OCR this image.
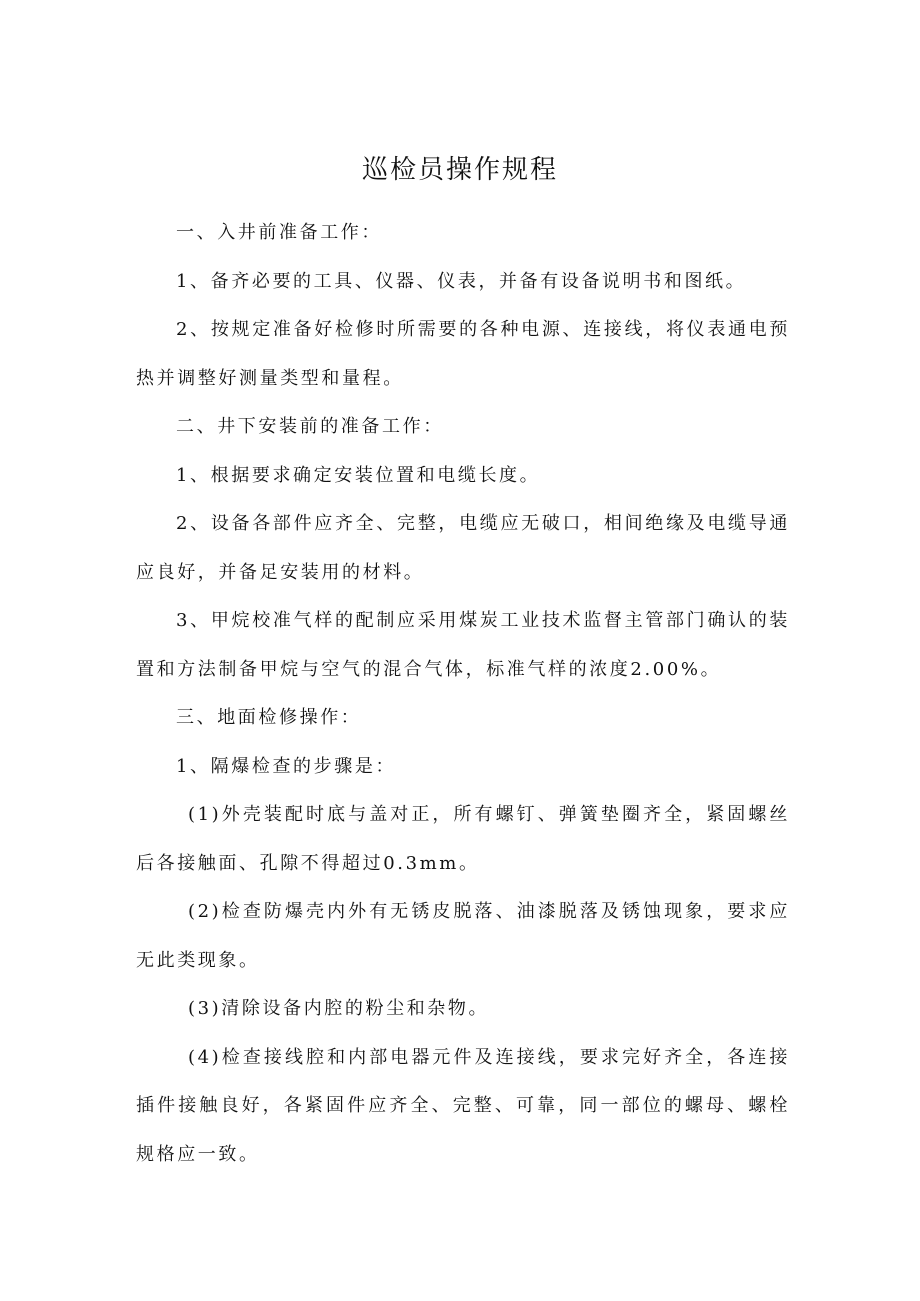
巡检员操作规程

一、入井前准备工作：

1、备齐必要的工具、仪器、仪表，并备有设备说明书和图纸。

2、按规定准备好检修时所需要的各种电源、连接线，将仪表通电预热并调整好测量类型和量程。

二、井下安装前的准备工作：

1、根据要求确定安装位置和电缆长度。

2、设备各部件应齐全、完整，电缆应无破口，相间绝缘及电缆导通应良好，并备足安装用的材料。

3、甲烷校准气样的配制应采用煤炭工业技术监督主管部门确认的装置和方法制备甲烷与空气的混合气体，标准气样的浓度2.00%。

三、地面检修操作：

1、隔爆检查的步骤是：

(1)外壳装配时底与盖对正，所有螺钉、弹簧垫圈齐全，紧固螺丝后各接触面、孔隙不得超过0.3mm。

(2)检查防爆壳内外有无锈皮脱落、油漆脱落及锈蚀现象，要求应无此类现象。

(3)清除设备内腔的粉尘和杂物。

(4)检查接线腔和内部电器元件及连接线，要求完好齐全，各连接插件接触良好，各紧固件应齐全、完整、可靠，同一部位的螺母、螺栓规格应一致。
